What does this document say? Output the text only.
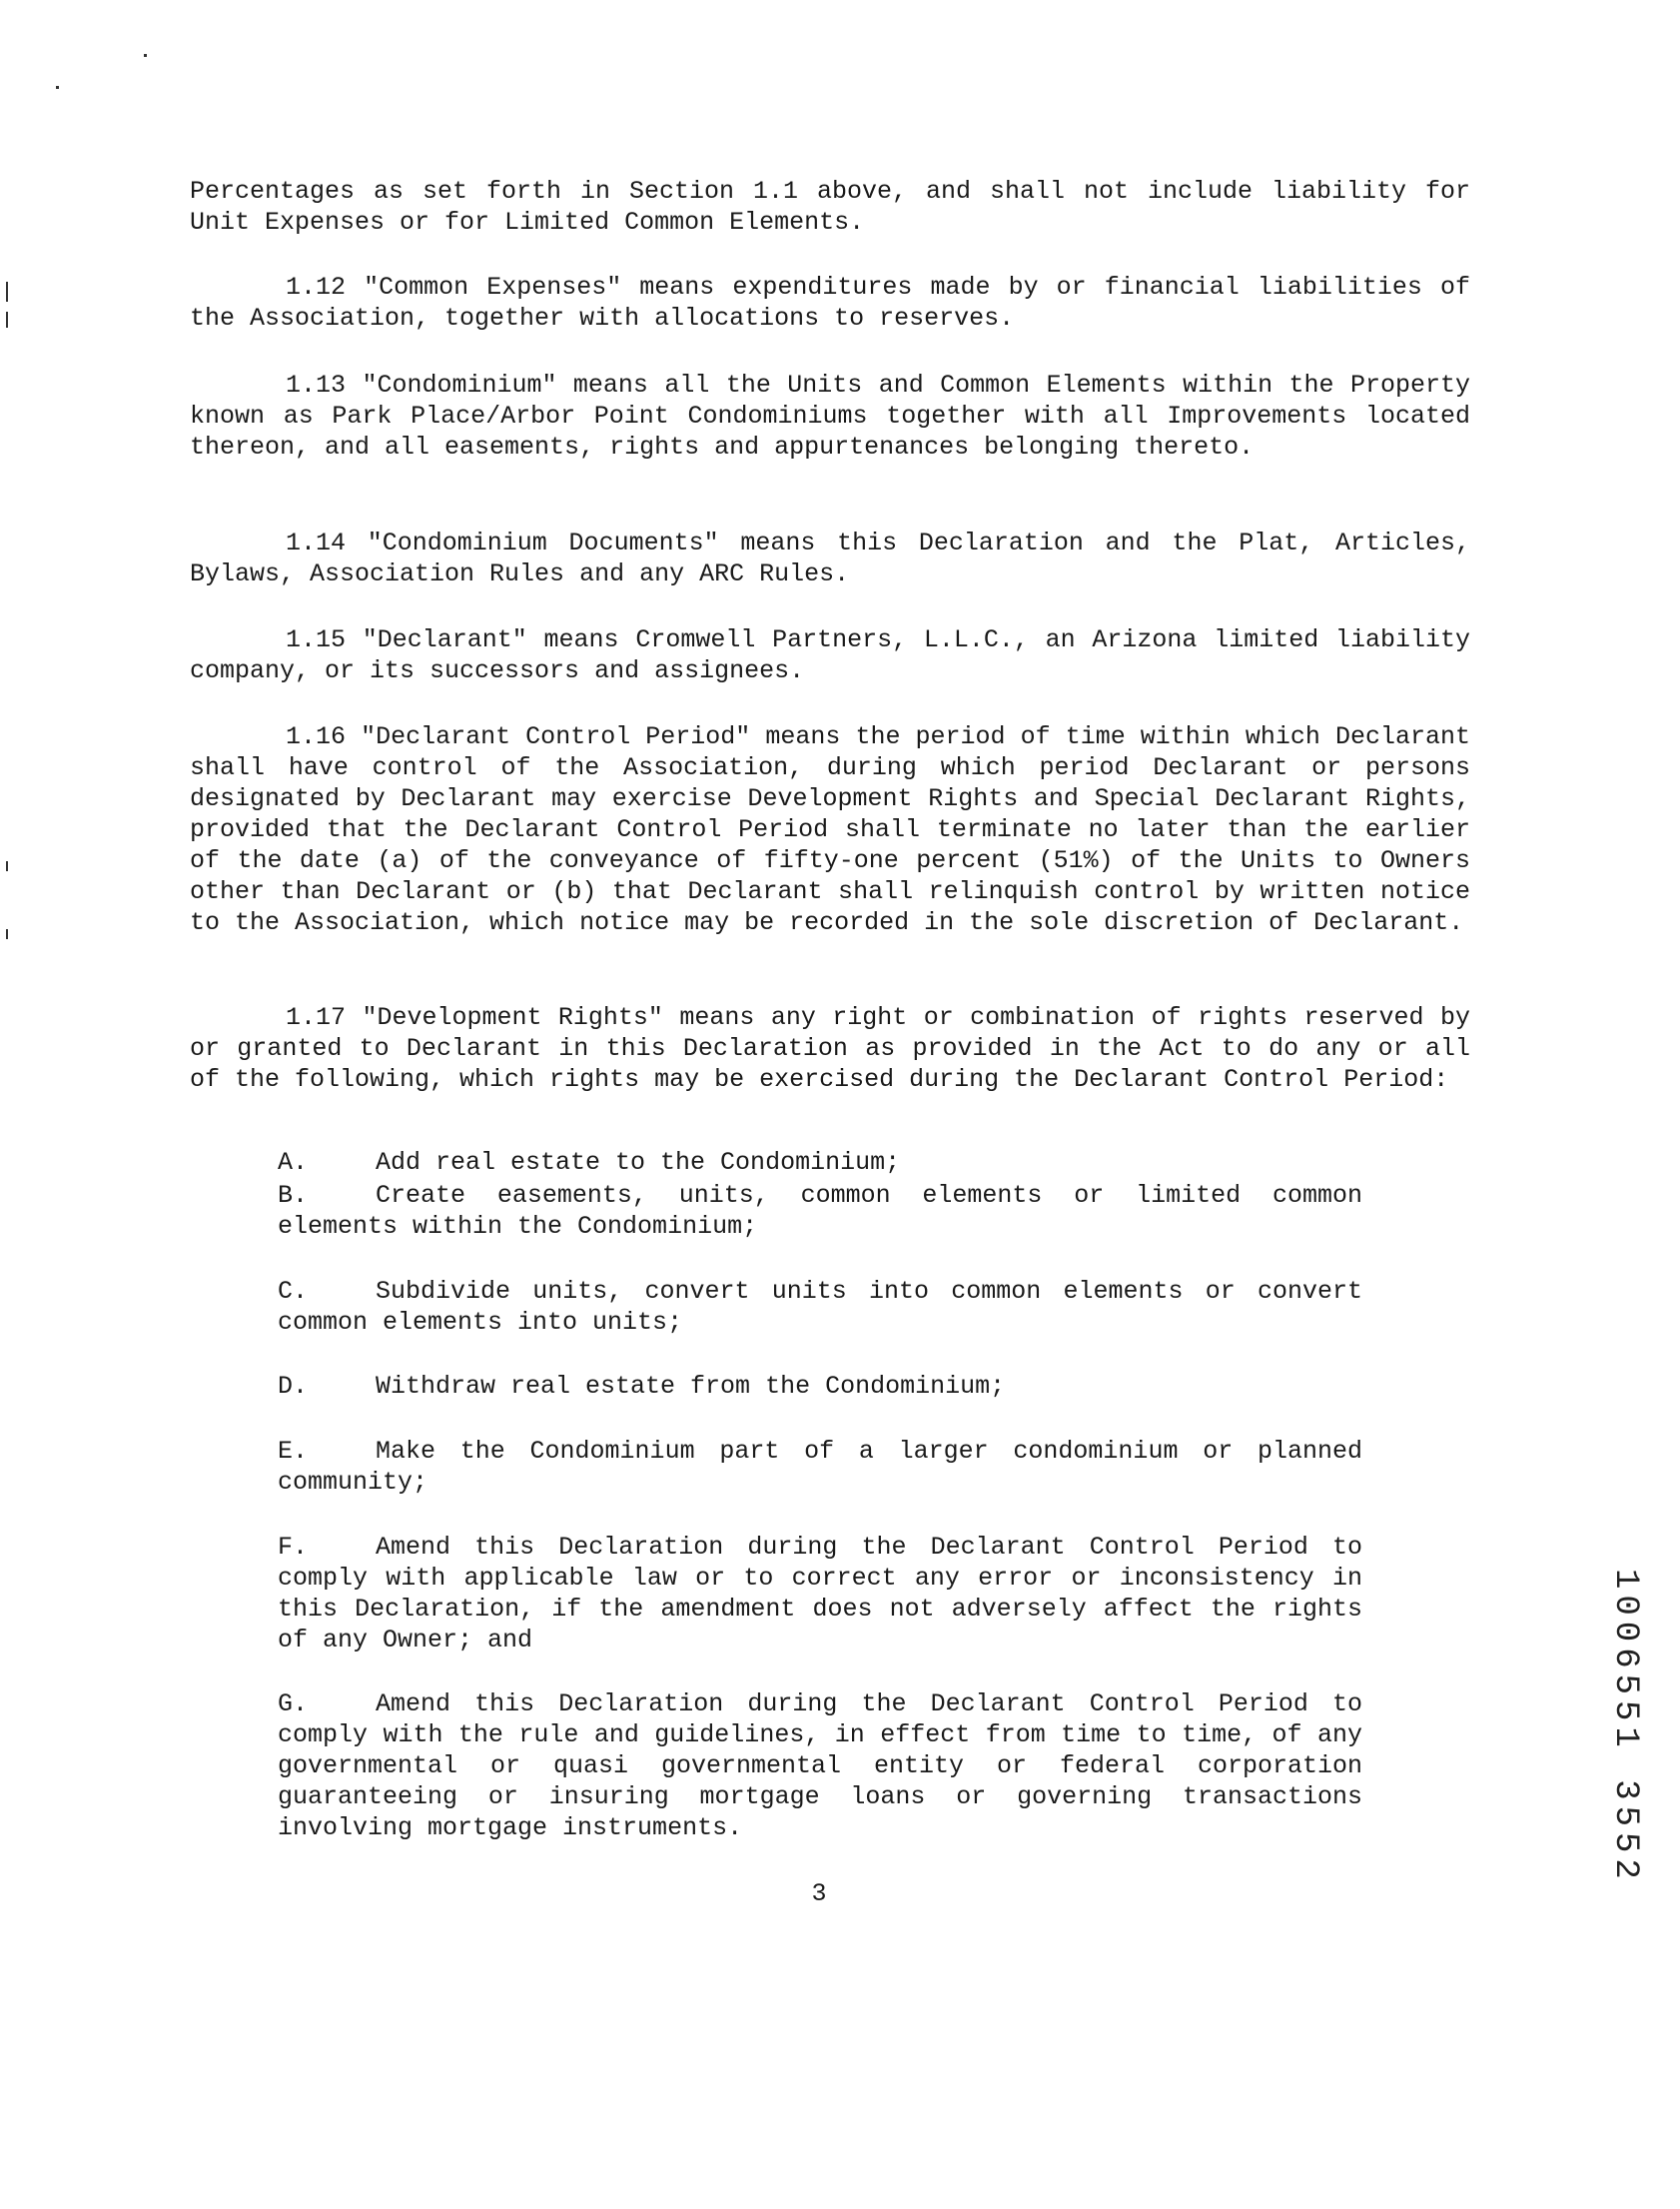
Percentages as set forth in Section 1.1 above, and shall not include liability for Unit Expenses or for Limited Common Elements.

1.12 "Common Expenses" means expenditures made by or financial liabilities of the Association, together with allocations to reserves.

1.13 "Condominium" means all the Units and Common Elements within the Property known as Park Place/Arbor Point Condominiums together with all Improvements located thereon, and all easements, rights and appurtenances belonging thereto.

1.14 "Condominium Documents" means this Declaration and the Plat, Articles, Bylaws, Association Rules and any ARC Rules.

1.15 "Declarant" means Cromwell Partners, L.L.C., an Arizona limited liability company, or its successors and assignees.

1.16 "Declarant Control Period" means the period of time within which Declarant shall have control of the Association, during which period Declarant or persons designated by Declarant may exercise Development Rights and Special Declarant Rights, provided that the Declarant Control Period shall terminate no later than the earlier of the date (a) of the conveyance of fifty-one percent (51%) of the Units to Owners other than Declarant or (b) that Declarant shall relinquish control by written notice to the Association, which notice may be recorded in the sole discretion of Declarant.

1.17 "Development Rights" means any right or combination of rights reserved by or granted to Declarant in this Declaration as provided in the Act to do any or all of the following, which rights may be exercised during the Declarant Control Period:

A.	Add real estate to the Condominium;

B.	Create easements, units, common elements or limited common elements within the Condominium;

C.	Subdivide units, convert units into common elements or convert common elements into units;

D.	Withdraw real estate from the Condominium;

E.	Make the Condominium part of a larger condominium or planned community;

F.	Amend this Declaration during the Declarant Control Period to comply with applicable law or to correct any error or inconsistency in this Declaration, if the amendment does not adversely affect the rights of any Owner; and

G.	Amend this Declaration during the Declarant Control Period to comply with the rule and guidelines, in effect from time to time, of any governmental or quasi governmental entity or federal corporation guaranteeing or insuring mortgage loans or governing transactions involving mortgage instruments.

3
1006551 3552
